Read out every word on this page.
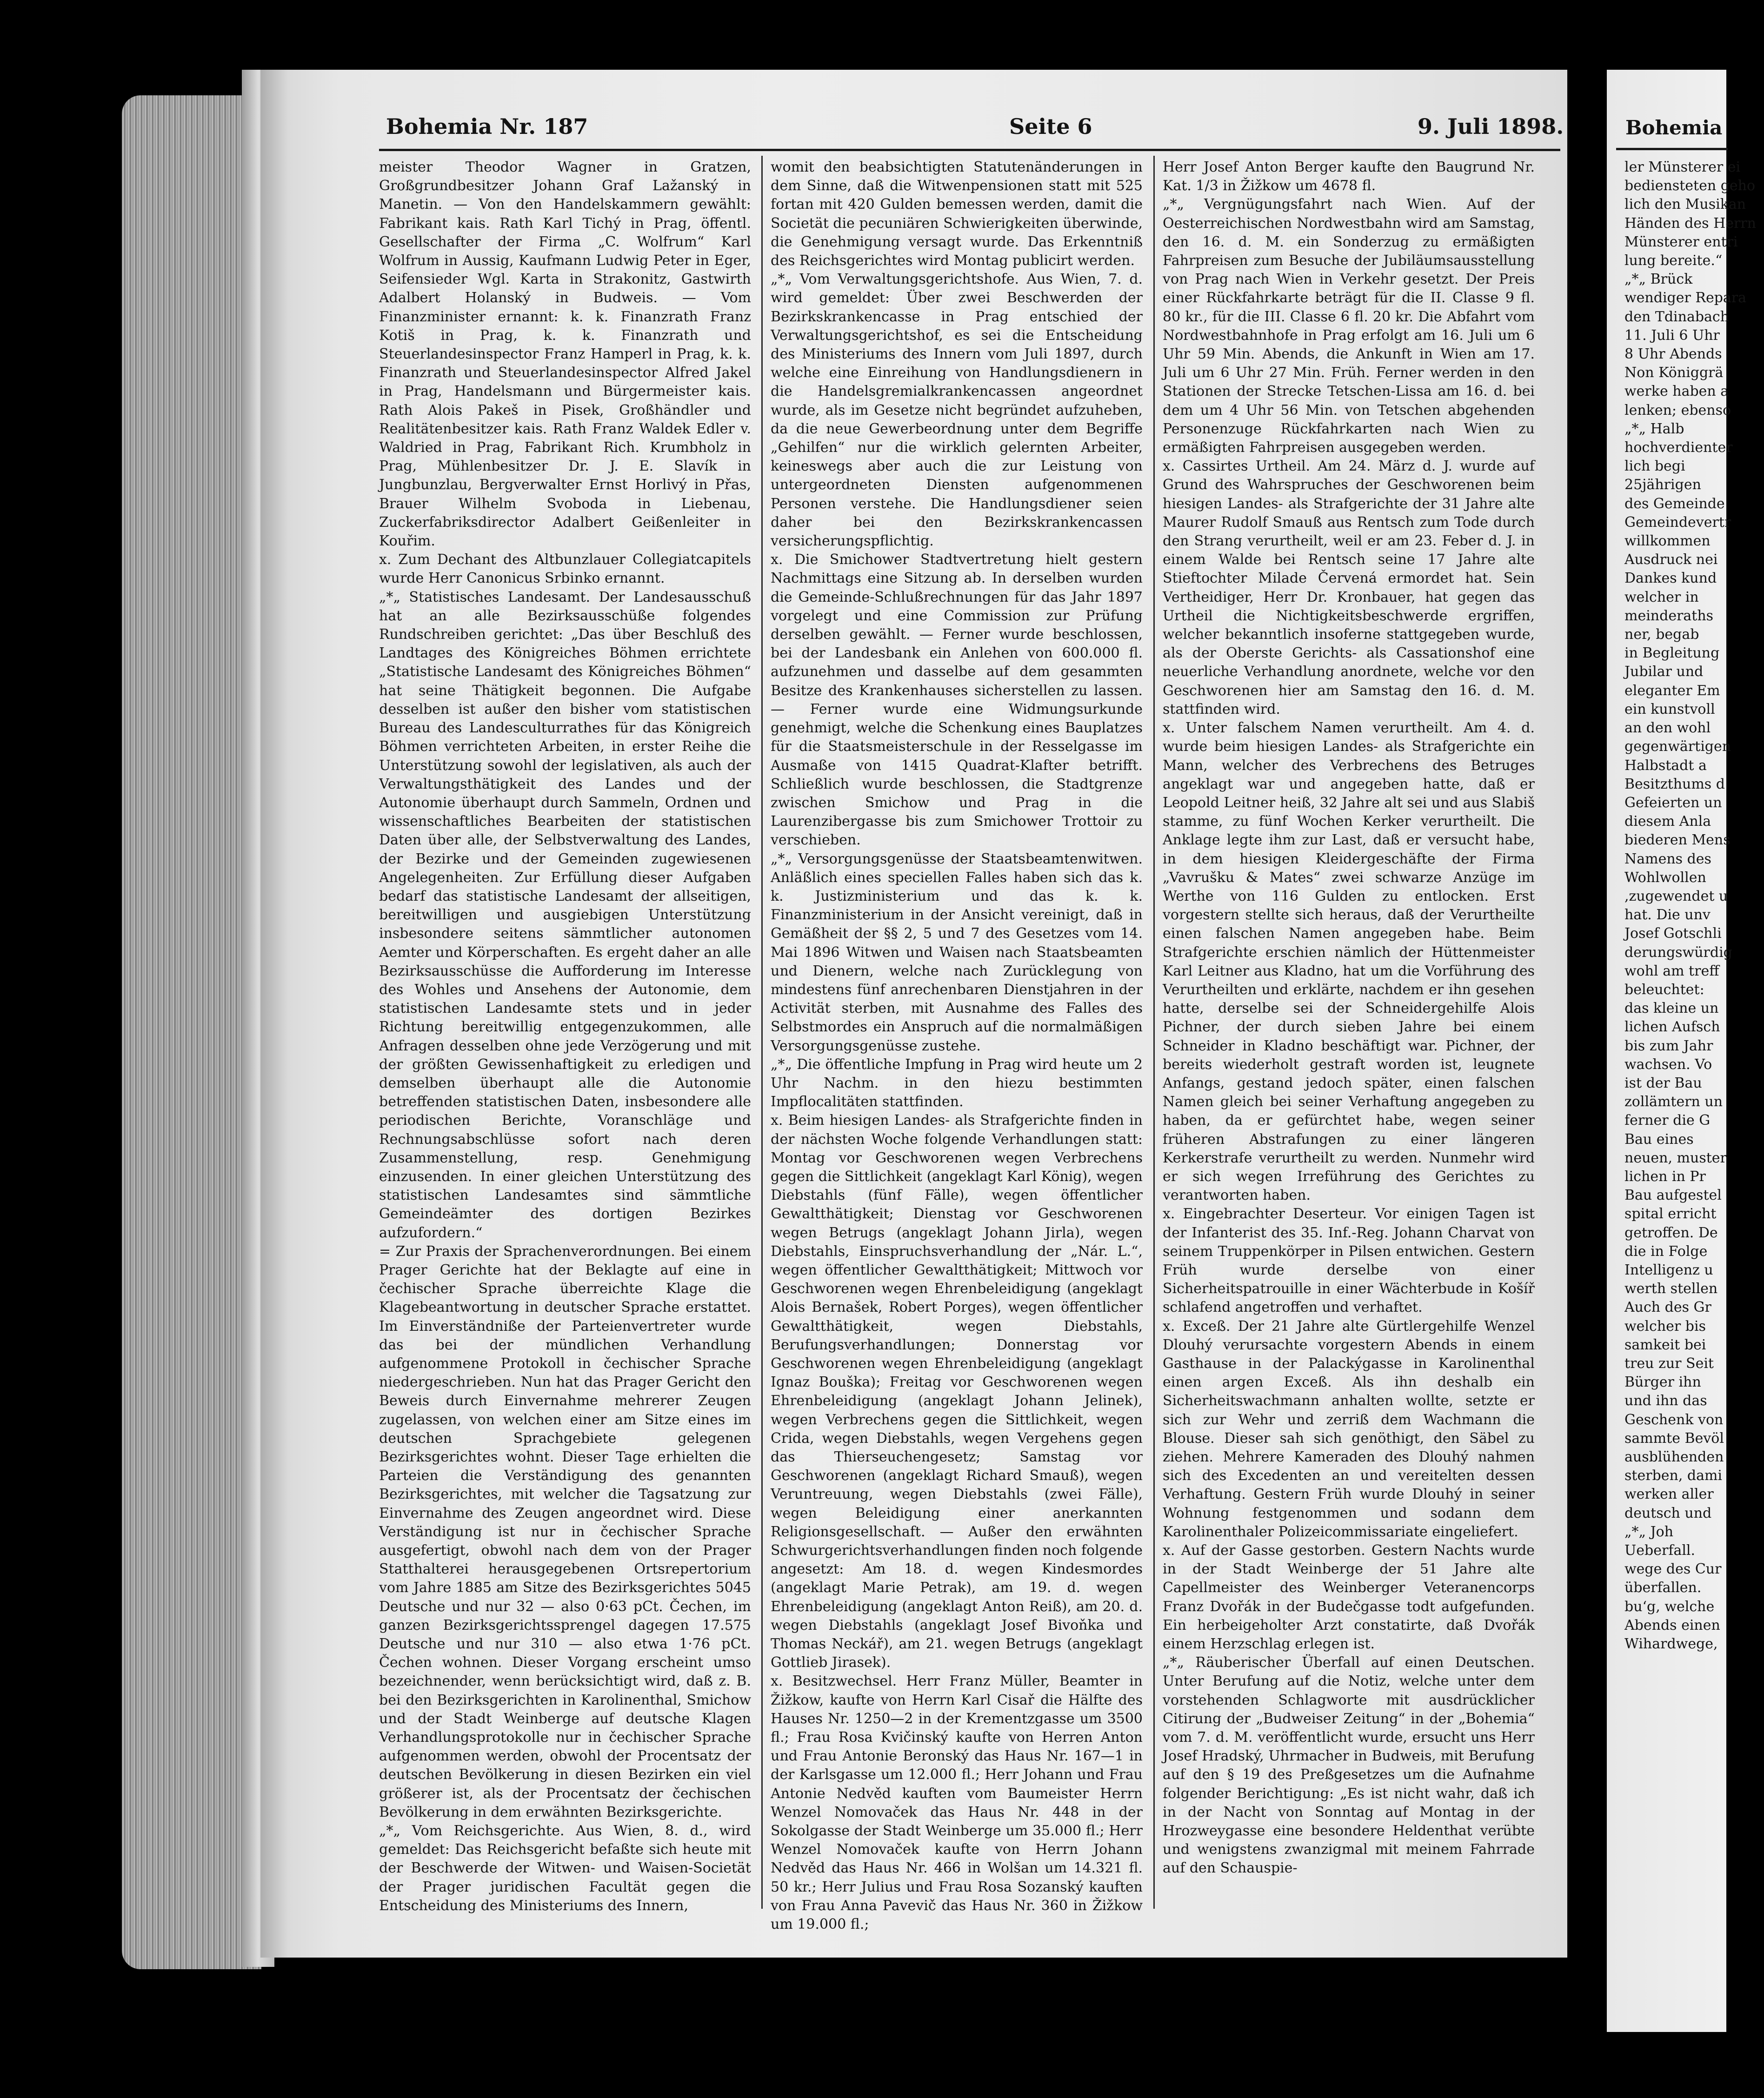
Bohemia Nr. 187	Seite 6	9. Juli 1898.

meister Theodor Wagner in Gratzen, Großgrundbesitzer Johann Graf Lažanský in Manetin. — Von den Handelskammern gewählt: Fabrikant kais. Rath Karl Tichý in Prag, öffentl. Gesellschafter der Firma „C. Wolfrum“ Karl Wolfrum in Aussig, Kaufmann Ludwig Peter in Eger, Seifensieder Wgl. Karta in Strakonitz, Gastwirth Adalbert Holanský in Budweis. — Vom Finanzminister ernannt: k. k. Finanzrath Franz Kotiš in Prag, k. k. Finanzrath und Steuerlandesinspector Franz Hamperl in Prag, k. k. Finanzrath und Steuerlandesinspector Alfred Jakel in Prag, Handelsmann und Bürgermeister kais. Rath Alois Pakeš in Pisek, Großhändler und Realitätenbesitzer kais. Rath Franz Waldek Edler v. Waldried in Prag, Fabrikant Rich. Krumbholz in Prag, Mühlenbesitzer Dr. J. E. Slavík in Jungbunzlau, Bergverwalter Ernst Horlivý in Přas, Brauer Wilhelm Svoboda in Liebenau, Zuckerfabriksdirector Adalbert Geißenleiter in Kouřim.

x. Zum Dechant des Altbunzlauer Collegiatcapitels wurde Herr Canonicus Srbinko ernannt.

„*„ Statistisches Landesamt. Der Landesausschuß hat an alle Bezirksausschüße folgendes Rundschreiben gerichtet: „Das über Beschluß des Landtages des Königreiches Böhmen errichtete „Statistische Landesamt des Königreiches Böhmen“ hat seine Thätigkeit begonnen. Die Aufgabe desselben ist außer den bisher vom statistischen Bureau des Landesculturrathes für das Königreich Böhmen verrichteten Arbeiten, in erster Reihe die Unterstützung sowohl der legislativen, als auch der Verwaltungsthätigkeit des Landes und der Autonomie überhaupt durch Sammeln, Ordnen und wissenschaftliches Bearbeiten der statistischen Daten über alle, der Selbstverwaltung des Landes, der Bezirke und der Gemeinden zugewiesenen Angelegenheiten. Zur Erfüllung dieser Aufgaben bedarf das statistische Landesamt der allseitigen, bereitwilligen und ausgiebigen Unterstützung insbesondere seitens sämmtlicher autonomen Aemter und Körperschaften. Es ergeht daher an alle Bezirksausschüsse die Aufforderung im Interesse des Wohles und Ansehens der Autonomie, dem statistischen Landesamte stets und in jeder Richtung bereitwillig entgegenzukommen, alle Anfragen desselben ohne jede Verzögerung und mit der größten Gewissenhaftigkeit zu erledigen und demselben überhaupt alle die Autonomie betreffenden statistischen Daten, insbesondere alle periodischen Berichte, Voranschläge und Rechnungsabschlüsse sofort nach deren Zusammenstellung, resp. Genehmigung einzusenden. In einer gleichen Unterstützung des statistischen Landesamtes sind sämmtliche Gemeindeämter des dortigen Bezirkes aufzufordern.“

= Zur Praxis der Sprachenverordnungen. Bei einem Prager Gerichte hat der Beklagte auf eine in čechischer Sprache überreichte Klage die Klagebeantwortung in deutscher Sprache erstattet. Im Einverständniße der Parteienvertreter wurde das bei der mündlichen Verhandlung aufgenommene Protokoll in čechischer Sprache niedergeschrieben. Nun hat das Prager Gericht den Beweis durch Einvernahme mehrerer Zeugen zugelassen, von welchen einer am Sitze eines im deutschen Sprachgebiete gelegenen Bezirksgerichtes wohnt. Dieser Tage erhielten die Parteien die Verständigung des genannten Bezirksgerichtes, mit welcher die Tagsatzung zur Einvernahme des Zeugen angeordnet wird. Diese Verständigung ist nur in čechischer Sprache ausgefertigt, obwohl nach dem von der Prager Statthalterei herausgegebenen Ortsrepertorium vom Jahre 1885 am Sitze des Bezirksgerichtes 5045 Deutsche und nur 32 — also 0·63 pCt. Čechen, im ganzen Bezirksgerichtssprengel dagegen 17.575 Deutsche und nur 310 — also etwa 1·76 pCt. Čechen wohnen. Dieser Vorgang erscheint umso bezeichnender, wenn berücksichtigt wird, daß z. B. bei den Bezirksgerichten in Karolinenthal, Smichow und der Stadt Weinberge auf deutsche Klagen Verhandlungsprotokolle nur in čechischer Sprache aufgenommen werden, obwohl der Procentsatz der deutschen Bevölkerung in diesen Bezirken ein viel größerer ist, als der Procentsatz der čechischen Bevölkerung in dem erwähnten Bezirksgerichte.

„*„ Vom Reichsgerichte. Aus Wien, 8. d., wird gemeldet: Das Reichsgericht befaßte sich heute mit der Beschwerde der Witwen- und Waisen-Societät der Prager juridischen Facultät gegen die Entscheidung des Ministeriums des Innern,

womit den beabsichtigten Statutenänderungen in dem Sinne, daß die Witwenpensionen statt mit 525 fortan mit 420 Gulden bemessen werden, damit die Societät die pecuniären Schwierigkeiten überwinde, die Genehmigung versagt wurde. Das Erkenntniß des Reichsgerichtes wird Montag publicirt werden.

„*„ Vom Verwaltungsgerichtshofe. Aus Wien, 7. d. wird gemeldet: Über zwei Beschwerden der Bezirkskrankencasse in Prag entschied der Verwaltungsgerichtshof, es sei die Entscheidung des Ministeriums des Innern vom Juli 1897, durch welche eine Einreihung von Handlungsdienern in die Handelsgremialkrankencassen angeordnet wurde, als im Gesetze nicht begründet aufzuheben, da die neue Gewerbeordnung unter dem Begriffe „Gehilfen“ nur die wirklich gelernten Arbeiter, keineswegs aber auch die zur Leistung von untergeordneten Diensten aufgenommenen Personen verstehe. Die Handlungsdiener seien daher bei den Bezirkskrankencassen versicherungspflichtig.

x. Die Smichower Stadtvertretung hielt gestern Nachmittags eine Sitzung ab. In derselben wurden die Gemeinde-Schlußrechnungen für das Jahr 1897 vorgelegt und eine Commission zur Prüfung derselben gewählt. — Ferner wurde beschlossen, bei der Landesbank ein Anlehen von 600.000 fl. aufzunehmen und dasselbe auf dem gesammten Besitze des Krankenhauses sicherstellen zu lassen. — Ferner wurde eine Widmungsurkunde genehmigt, welche die Schenkung eines Bauplatzes für die Staatsmeisterschule in der Resselgasse im Ausmaße von 1415 Quadrat-Klafter betrifft. Schließlich wurde beschlossen, die Stadtgrenze zwischen Smichow und Prag in die Laurenzibergasse bis zum Smichower Trottoir zu verschieben.

„*„ Versorgungsgenüsse der Staatsbeamtenwitwen. Anläßlich eines speciellen Falles haben sich das k. k. Justizministerium und das k. k. Finanzministerium in der Ansicht vereinigt, daß in Gemäßheit der §§ 2, 5 und 7 des Gesetzes vom 14. Mai 1896 Witwen und Waisen nach Staatsbeamten und Dienern, welche nach Zurücklegung von mindestens fünf anrechenbaren Dienstjahren in der Activität sterben, mit Ausnahme des Falles des Selbstmordes ein Anspruch auf die normalmäßigen Versorgungsgenüsse zustehe.

„*„ Die öffentliche Impfung in Prag wird heute um 2 Uhr Nachm. in den hiezu bestimmten Impflocalitäten stattfinden.

x. Beim hiesigen Landes- als Strafgerichte finden in der nächsten Woche folgende Verhandlungen statt: Montag vor Geschworenen wegen Verbrechens gegen die Sittlichkeit (angeklagt Karl König), wegen Diebstahls (fünf Fälle), wegen öffentlicher Gewaltthätigkeit; Dienstag vor Geschworenen wegen Betrugs (angeklagt Johann Jirla), wegen Diebstahls, Einspruchsverhandlung der „Nár. L.“, wegen öffentlicher Gewaltthätigkeit; Mittwoch vor Geschworenen wegen Ehrenbeleidigung (angeklagt Alois Bernašek, Robert Porges), wegen öffentlicher Gewaltthätigkeit, wegen Diebstahls, Berufungsverhandlungen; Donnerstag vor Geschworenen wegen Ehrenbeleidigung (angeklagt Ignaz Bouška); Freitag vor Geschworenen wegen Ehrenbeleidigung (angeklagt Johann Jelinek), wegen Verbrechens gegen die Sittlichkeit, wegen Crida, wegen Diebstahls, wegen Vergehens gegen das Thierseuchengesetz; Samstag vor Geschworenen (angeklagt Richard Smauß), wegen Veruntreuung, wegen Diebstahls (zwei Fälle), wegen Beleidigung einer anerkannten Religionsgesellschaft. — Außer den erwähnten Schwurgerichtsverhandlungen finden noch folgende angesetzt: Am 18. d. wegen Kindesmordes (angeklagt Marie Petrak), am 19. d. wegen Ehrenbeleidigung (angeklagt Anton Reiß), am 20. d. wegen Diebstahls (angeklagt Josef Bivoňka und Thomas Neckář), am 21. wegen Betrugs (angeklagt Gottlieb Jirasek).

x. Besitzwechsel. Herr Franz Müller, Beamter in Žižkow, kaufte von Herrn Karl Cisař die Hälfte des Hauses Nr. 1250—2 in der Krementzgasse um 3500 fl.; Frau Rosa Kvičinský kaufte von Herren Anton und Frau Antonie Beronský das Haus Nr. 167—1 in der Karlsgasse um 12.000 fl.; Herr Johann und Frau Antonie Nedvěd kauften vom Baumeister Herrn Wenzel Nomovaček das Haus Nr. 448 in der Sokolgasse der Stadt Weinberge um 35.000 fl.; Herr Wenzel Nomovaček kaufte von Herrn Johann Nedvěd das Haus Nr. 466 in Wolšan um 14.321 fl. 50 kr.; Herr Julius und Frau Rosa Sozanský kauften von Frau Anna Pavevič das Haus Nr. 360 in Žižkow um 19.000 fl.;

Herr Josef Anton Berger kaufte den Baugrund Nr. Kat. 1/3 in Žižkow um 4678 fl.

„*„ Vergnügungsfahrt nach Wien. Auf der Oesterreichischen Nordwestbahn wird am Samstag, den 16. d. M. ein Sonderzug zu ermäßigten Fahrpreisen zum Besuche der Jubiläumsausstellung von Prag nach Wien in Verkehr gesetzt. Der Preis einer Rückfahrkarte beträgt für die II. Classe 9 fl. 80 kr., für die III. Classe 6 fl. 20 kr. Die Abfahrt vom Nordwestbahnhofe in Prag erfolgt am 16. Juli um 6 Uhr 59 Min. Abends, die Ankunft in Wien am 17. Juli um 6 Uhr 27 Min. Früh. Ferner werden in den Stationen der Strecke Tetschen-Lissa am 16. d. bei dem um 4 Uhr 56 Min. von Tetschen abgehenden Personenzuge Rückfahrkarten nach Wien zu ermäßigten Fahrpreisen ausgegeben werden.

x. Cassirtes Urtheil. Am 24. März d. J. wurde auf Grund des Wahrspruches der Geschworenen beim hiesigen Landes- als Strafgerichte der 31 Jahre alte Maurer Rudolf Smauß aus Rentsch zum Tode durch den Strang verurtheilt, weil er am 23. Feber d. J. in einem Walde bei Rentsch seine 17 Jahre alte Stieftochter Milade Červená ermordet hat. Sein Vertheidiger, Herr Dr. Kronbauer, hat gegen das Urtheil die Nichtigkeitsbeschwerde ergriffen, welcher bekanntlich insoferne stattgegeben wurde, als der Oberste Gerichts- als Cassationshof eine neuerliche Verhandlung anordnete, welche vor den Geschworenen hier am Samstag den 16. d. M. stattfinden wird.

x. Unter falschem Namen verurtheilt. Am 4. d. wurde beim hiesigen Landes- als Strafgerichte ein Mann, welcher des Verbrechens des Betruges angeklagt war und angegeben hatte, daß er Leopold Leitner heiß, 32 Jahre alt sei und aus Slabiš stamme, zu fünf Wochen Kerker verurtheilt. Die Anklage legte ihm zur Last, daß er versucht habe, in dem hiesigen Kleidergeschäfte der Firma „Vavrušku & Mates“ zwei schwarze Anzüge im Werthe von 116 Gulden zu entlocken. Erst vorgestern stellte sich heraus, daß der Verurtheilte einen falschen Namen angegeben habe. Beim Strafgerichte erschien nämlich der Hüttenmeister Karl Leitner aus Kladno, hat um die Vorführung des Verurtheilten und erklärte, nachdem er ihn gesehen hatte, derselbe sei der Schneidergehilfe Alois Pichner, der durch sieben Jahre bei einem Schneider in Kladno beschäftigt war. Pichner, der bereits wiederholt gestraft worden ist, leugnete Anfangs, gestand jedoch später, einen falschen Namen gleich bei seiner Verhaftung angegeben zu haben, da er gefürchtet habe, wegen seiner früheren Abstrafungen zu einer längeren Kerkerstrafe verurtheilt zu werden. Nunmehr wird er sich wegen Irreführung des Gerichtes zu verantworten haben.

x. Eingebrachter Deserteur. Vor einigen Tagen ist der Infanterist des 35. Inf.-Reg. Johann Charvat von seinem Truppenkörper in Pilsen entwichen. Gestern Früh wurde derselbe von einer Sicherheitspatrouille in einer Wächterbude in Košíř schlafend angetroffen und verhaftet.

x. Exceß. Der 21 Jahre alte Gürtlergehilfe Wenzel Dlouhý verursachte vorgestern Abends in einem Gasthause in der Palackýgasse in Karolinenthal einen argen Exceß. Als ihn deshalb ein Sicherheitswachmann anhalten wollte, setzte er sich zur Wehr und zerriß dem Wachmann die Blouse. Dieser sah sich genöthigt, den Säbel zu ziehen. Mehrere Kameraden des Dlouhý nahmen sich des Excedenten an und vereitelten dessen Verhaftung. Gestern Früh wurde Dlouhý in seiner Wohnung festgenommen und sodann dem Karolinenthaler Polizeicommissariate eingeliefert.

x. Auf der Gasse gestorben. Gestern Nachts wurde in der Stadt Weinberge der 51 Jahre alte Capellmeister des Weinberger Veteranencorps Franz Dvořák in der Budečgasse todt aufgefunden. Ein herbeigeholter Arzt constatirte, daß Dvořák einem Herzschlag erlegen ist.

„*„ Räuberischer Überfall auf einen Deutschen. Unter Berufung auf die Notiz, welche unter dem vorstehenden Schlagworte mit ausdrücklicher Citirung der „Budweiser Zeitung“ in der „Bohemia“ vom 7. d. M. veröffentlicht wurde, ersucht uns Herr Josef Hradský, Uhrmacher in Budweis, mit Berufung auf den § 19 des Preßgesetzes um die Aufnahme folgender Berichtigung: „Es ist nicht wahr, daß ich in der Nacht von Sonntag auf Montag in der Hrozweygasse eine besondere Heldenthat verübte und wenigstens zwanzigmal mit meinem Fahrrade auf den Schauspie-

Bohemia
ler Münsterer ei
bediensteten geho
lich den Musikan
Händen des Herrn
Münsterer entri
lung bereite.“
„*„ Brück
wendiger Repara
den Tdinabach
11. Juli 6 Uhr
8 Uhr Abends
Non Königgrä
werke haben a
lenken; ebenso
„*„ Halb
hochverdienter
lich begi
25jährigen
des Gemeinde
Gemeindevertr
willkommen
Ausdruck nei
Dankes kund
welcher in
meinderaths
ner, begab
in Begleitung
Jubilar und
eleganter Em
ein kunstvoll
an den wohl
gegenwärtigen
Halbstadt a
Besitzthums d
Gefeierten un
diesem Anla
biederen Mens
Namens des
Wohlwollen
,zugewendet u
hat. Die unv
Josef Gotschli
derungswürdig
wohl am treff
beleuchtet:
das kleine un
lichen Aufsch
bis zum Jahr
wachsen. Vo
ist der Bau
zollämtern un
ferner die G
Bau eines
neuen, muster
lichen in Pr
Bau aufgestel
spital erricht
getroffen. De
die in Folge
Intelligenz u
werth stellen
Auch des Gr
welcher bis
samkeit bei
treu zur Seit
Bürger ihn
und ihn das
Geschenk von
sammte Bevöl
ausblühenden
sterben, dami
werken aller
deutsch und
„*„ Joh
Ueberfall.
wege des Cur
überfallen.
bu‘g, welche
Abends einen
Wihardwege,
